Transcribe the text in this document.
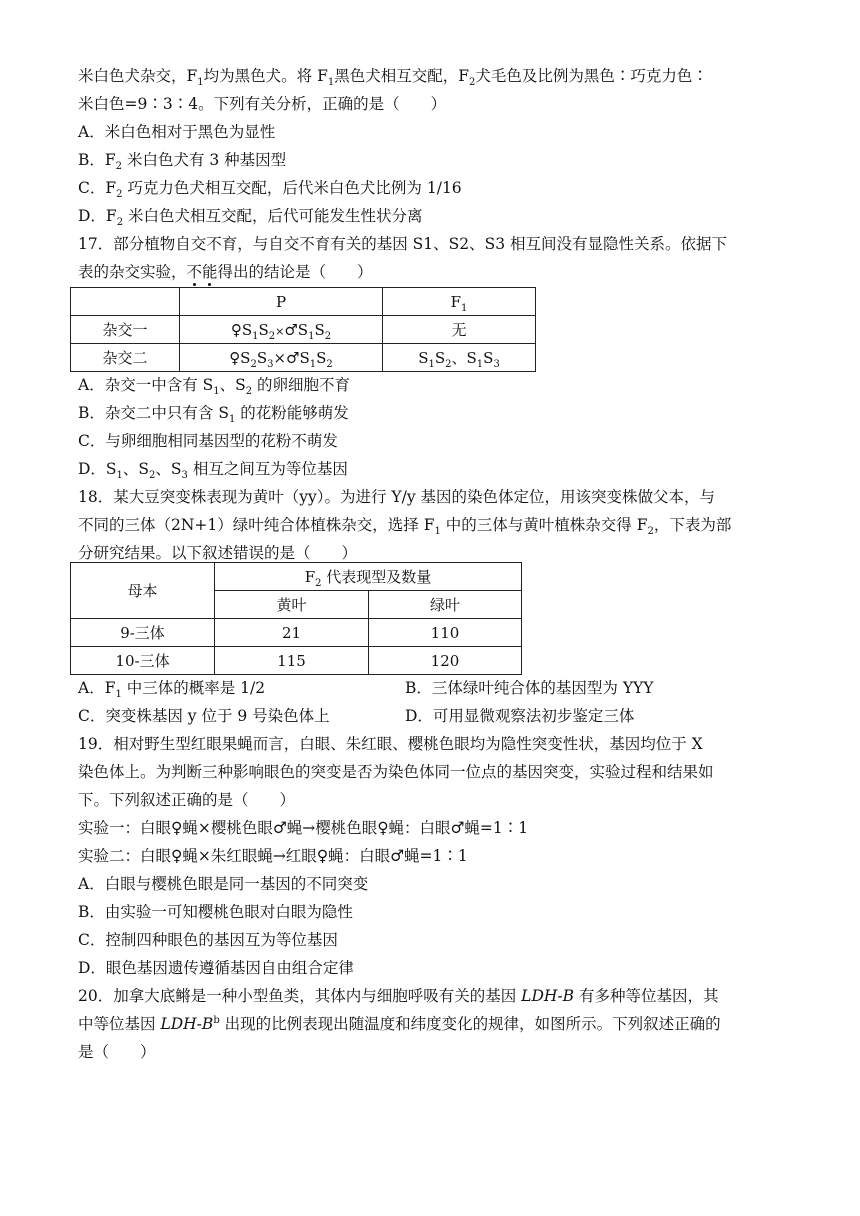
米白色犬杂交，$F_1$均为黑色犬。将 $F_1$黑色犬相互交配，$F_2$犬毛色及比例为黑色∶巧克力色∶
米白色=9∶3∶4。下列有关分析，正确的是（　　）
A．米白色相对于黑色为显性
B．$F_2$ 米白色犬有 3 种基因型
C．$F_2$ 巧克力色犬相互交配，后代米白色犬比例为 1/16
D．$F_2$ 米白色犬相互交配，后代可能发生性状分离
17．部分植物自交不育，与自交不育有关的基因 S1、S2、S3 相互间没有显隐性关系。依据下
表的杂交实验，不能得出的结论是（　　）
	P	$F_1$
杂交一	$♀S_1S_2\times♂S_1S_2$	无
杂交二	$♀S_2S_3\times♂S_1S_2$	$S_1S_2$、$S_1S_3$
A．杂交一中含有 $S_1$、$S_2$ 的卵细胞不育
B．杂交二中只有含 $S_1$ 的花粉能够萌发
C．与卵细胞相同基因型的花粉不萌发
D．$S_1$、$S_2$、$S_3$ 相互之间互为等位基因
18．某大豆突变株表现为黄叶（yy）。为进行 Y/y 基因的染色体定位，用该突变株做父本，与
不同的三体（2N+1）绿叶纯合体植株杂交，选择 $F_1$ 中的三体与黄叶植株杂交得 $F_2$，下表为部
分研究结果。以下叙述错误的是（　　）
母本	$F_2$ 代表现型及数量	
	黄叶	绿叶
9-三体	21	110
10-三体	115	120
A．$F_1$ 中三体的概率是 1/2	B．三体绿叶纯合体的基因型为 YYY
C．突变株基因 y 位于 9 号染色体上	D．可用显微观察法初步鉴定三体
19．相对野生型红眼果蝇而言，白眼、朱红眼、樱桃色眼均为隐性突变性状，基因均位于 X
染色体上。为判断三种影响眼色的突变是否为染色体同一位点的基因突变，实验过程和结果如
下。下列叙述正确的是（　　）
实验一：白眼♀蝇×樱桃色眼♂蝇→樱桃色眼♀蝇：白眼♂蝇=1∶1
实验二：白眼♀蝇×朱红眼蝇→红眼♀蝇：白眼♂蝇=1∶1
A．白眼与樱桃色眼是同一基因的不同突变
B．由实验一可知樱桃色眼对白眼为隐性
C．控制四种眼色的基因互为等位基因
D．眼色基因遗传遵循基因自由组合定律
20．加拿大底鳉是一种小型鱼类，其体内与细胞呼吸有关的基因 LDH-B 有多种等位基因，其
中等位基因 LDH-$B^b$ 出现的比例表现出随温度和纬度变化的规律，如图所示。下列叙述正确的
是（　　）
